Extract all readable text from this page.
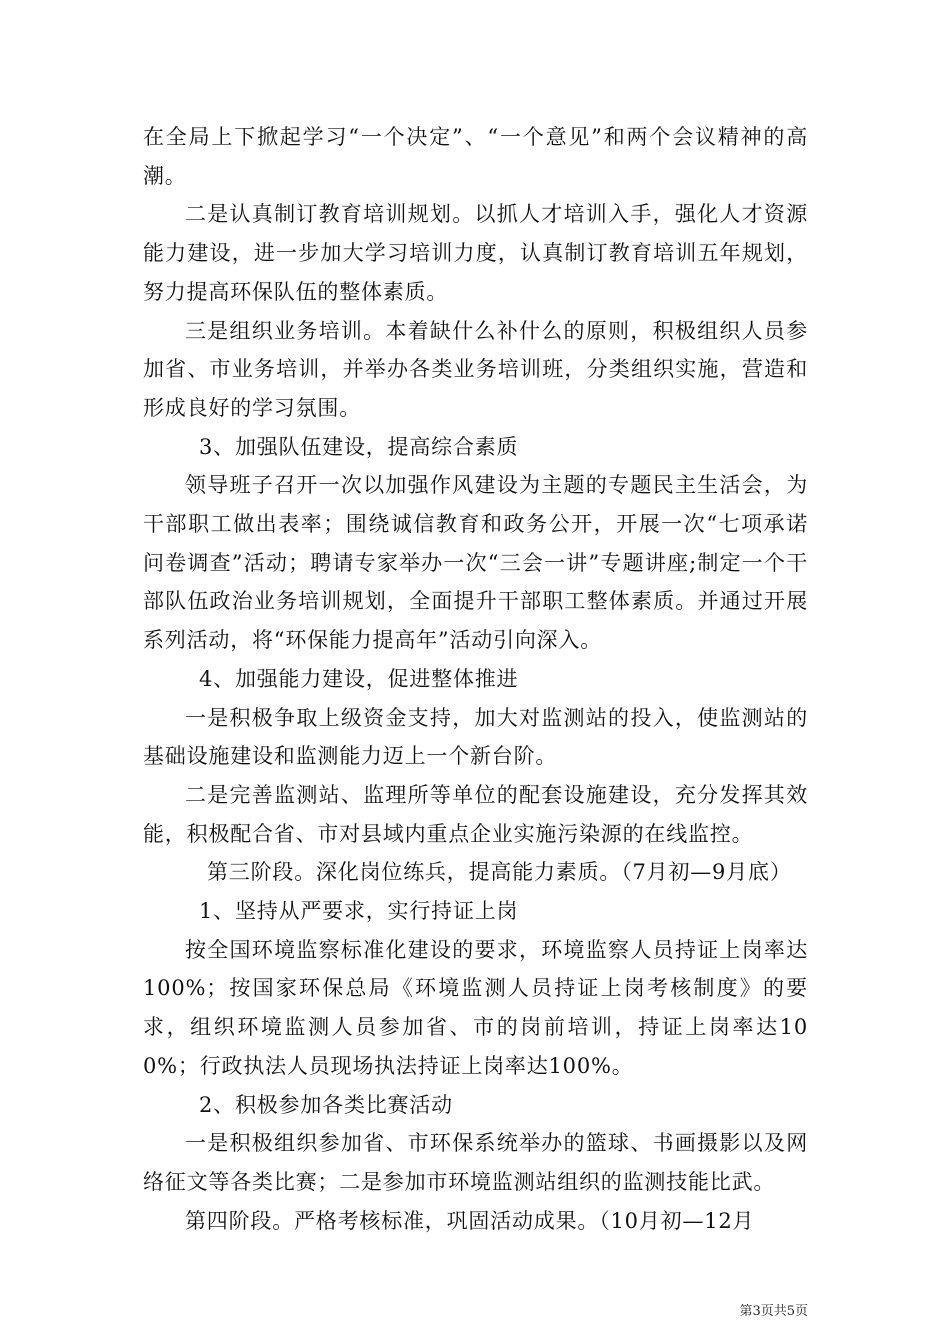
在全局上下掀起学习“一个决定”、“一个意见”和两个会议精神的高潮。

二是认真制订教育培训规划。以抓人才培训入手，强化人才资源能力建设，进一步加大学习培训力度，认真制订教育培训五年规划，努力提高环保队伍的整体素质。

三是组织业务培训。本着缺什么补什么的原则，积极组织人员参加省、市业务培训，并举办各类业务培训班，分类组织实施，营造和形成良好的学习氛围。

3、加强队伍建设，提高综合素质

领导班子召开一次以加强作风建设为主题的专题民主生活会，为干部职工做出表率；围绕诚信教育和政务公开，开展一次“七项承诺问卷调查”活动；聘请专家举办一次“三会一讲”专题讲座;制定一个干部队伍政治业务培训规划，全面提升干部职工整体素质。并通过开展系列活动，将“环保能力提高年”活动引向深入。

4、加强能力建设，促进整体推进

一是积极争取上级资金支持，加大对监测站的投入，使监测站的基础设施建设和监测能力迈上一个新台阶。

二是完善监测站、监理所等单位的配套设施建设，充分发挥其效能，积极配合省、市对县域内重点企业实施污染源的在线监控。

第三阶段。深化岗位练兵，提高能力素质。（7月初—9月底）

1、坚持从严要求，实行持证上岗

按全国环境监察标准化建设的要求，环境监察人员持证上岗率达100%；按国家环保总局《环境监测人员持证上岗考核制度》的要求，组织环境监测人员参加省、市的岗前培训，持证上岗率达100%；行政执法人员现场执法持证上岗率达100%。

2、积极参加各类比赛活动

一是积极组织参加省、市环保系统举办的篮球、书画摄影以及网络征文等各类比赛；二是参加市环境监测站组织的监测技能比武。

第四阶段。严格考核标准，巩固活动成果。（10月初—12月

第3页共5页
